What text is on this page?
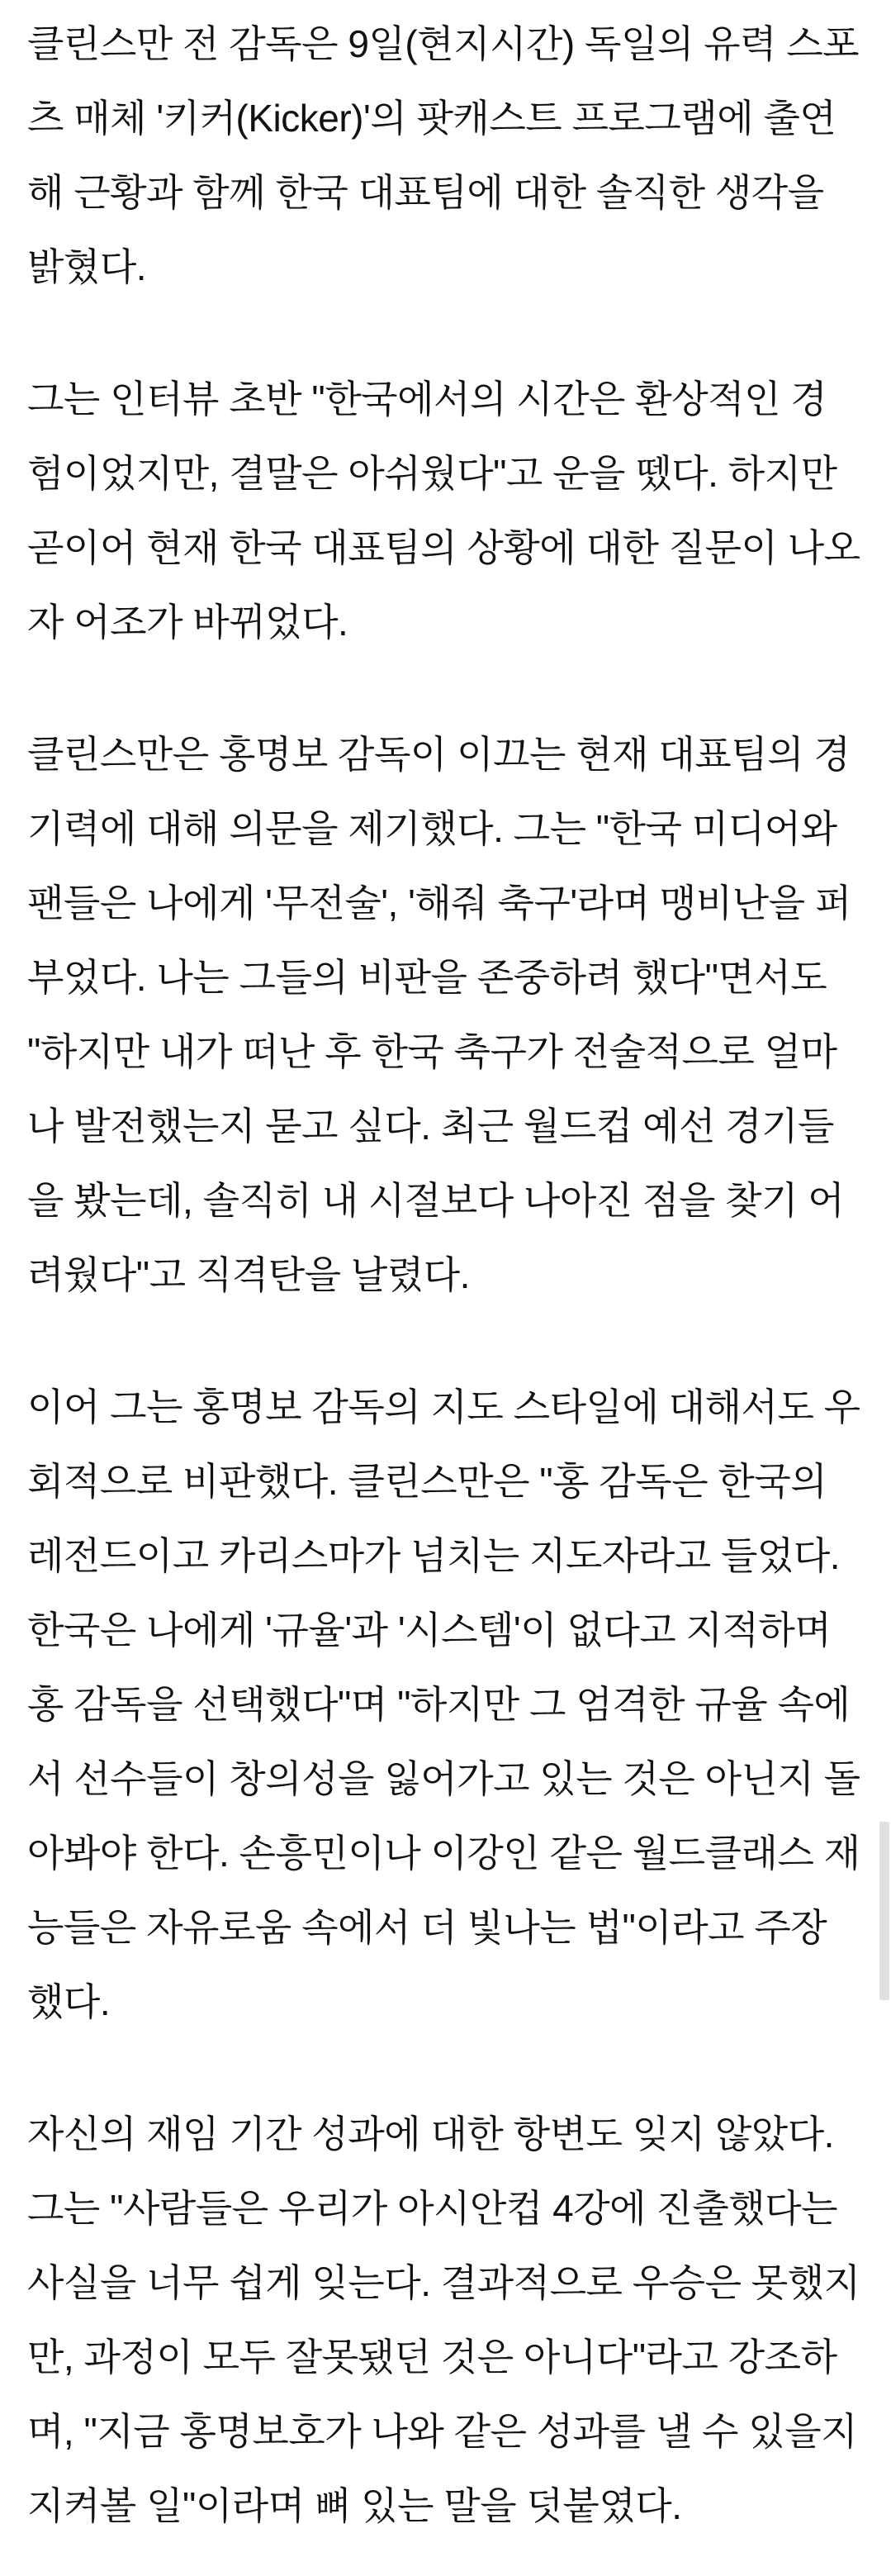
클린스만 전 감독은 9일(현지시간) 독일의 유력 스포츠 매체 '키커(Kicker)'의 팟캐스트 프로그램에 출연해 근황과 함께 한국 대표팀에 대한 솔직한 생각을 밝혔다.

그는 인터뷰 초반 "한국에서의 시간은 환상적인 경험이었지만, 결말은 아쉬웠다"고 운을 뗐다. 하지만 곧이어 현재 한국 대표팀의 상황에 대한 질문이 나오자 어조가 바뀌었다.

클린스만은 홍명보 감독이 이끄는 현재 대표팀의 경기력에 대해 의문을 제기했다. 그는 "한국 미디어와 팬들은 나에게 '무전술', '해줘 축구'라며 맹비난을 퍼부었다. 나는 그들의 비판을 존중하려 했다"면서도 "하지만 내가 떠난 후 한국 축구가 전술적으로 얼마나 발전했는지 묻고 싶다. 최근 월드컵 예선 경기들을 봤는데, 솔직히 내 시절보다 나아진 점을 찾기 어려웠다"고 직격탄을 날렸다.

이어 그는 홍명보 감독의 지도 스타일에 대해서도 우회적으로 비판했다. 클린스만은 "홍 감독은 한국의 레전드이고 카리스마가 넘치는 지도자라고 들었다. 한국은 나에게 '규율'과 '시스템'이 없다고 지적하며 홍 감독을 선택했다"며 "하지만 그 엄격한 규율 속에서 선수들이 창의성을 잃어가고 있는 것은 아닌지 돌아봐야 한다. 손흥민이나 이강인 같은 월드클래스 재능들은 자유로움 속에서 더 빛나는 법"이라고 주장했다.

자신의 재임 기간 성과에 대한 항변도 잊지 않았다. 그는 "사람들은 우리가 아시안컵 4강에 진출했다는 사실을 너무 쉽게 잊는다. 결과적으로 우승은 못했지만, 과정이 모두 잘못됐던 것은 아니다"라고 강조하며, "지금 홍명보호가 나와 같은 성과를 낼 수 있을지 지켜볼 일"이라며 뼈 있는 말을 덧붙였다.
